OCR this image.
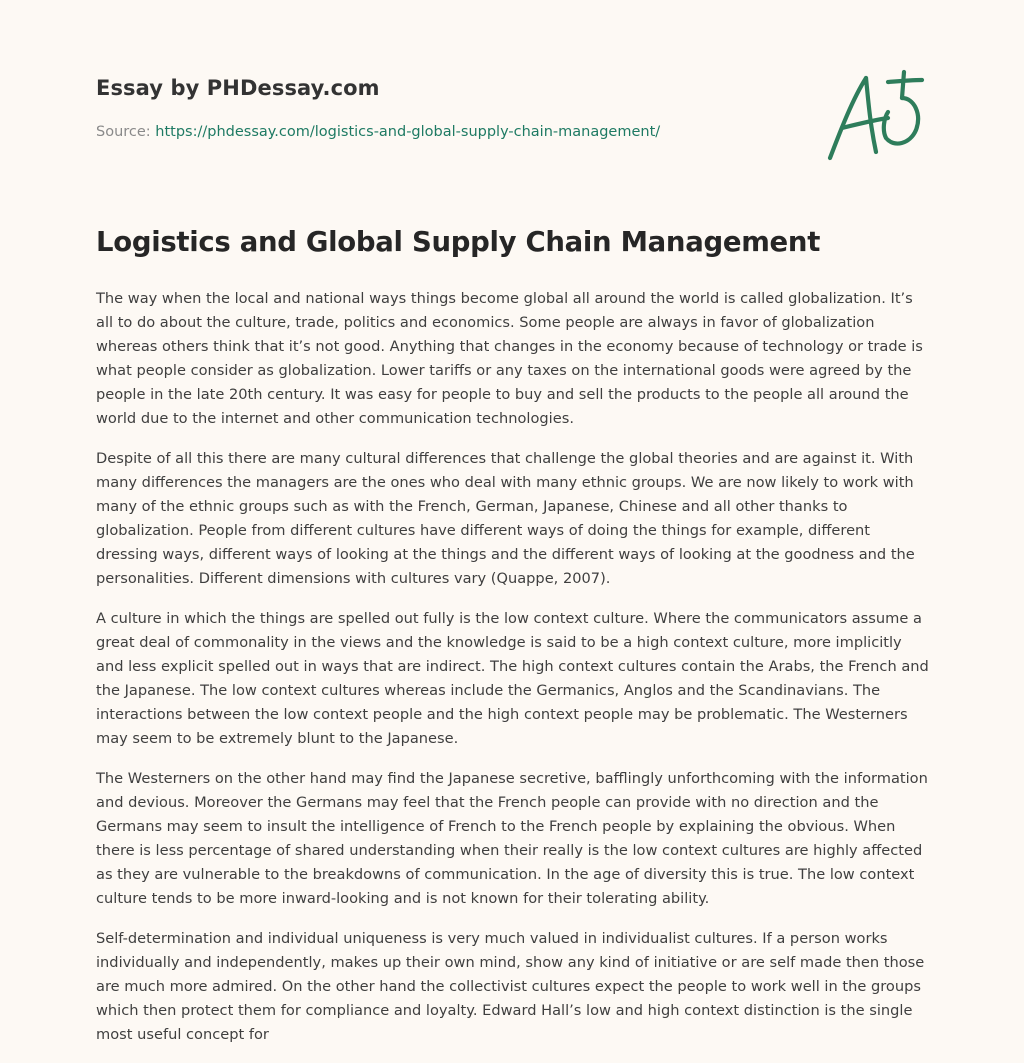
Essay by PHDessay.com
Source: https://phdessay.com/logistics-and-global-supply-chain-management/
Logistics and Global Supply Chain Management

The way when the local and national ways things become global all around the world is called globalization. It’s all to do about the culture, trade, politics and economics. Some people are always in favor of globalization whereas others think that it’s not good. Anything that changes in the economy because of technology or trade is what people consider as globalization. Lower tariffs or any taxes on the international goods were agreed by the people in the late 20th century. It was easy for people to buy and sell the products to the people all around the world due to the internet and other communication technologies.

Despite of all this there are many cultural differences that challenge the global theories and are against it. With many differences the managers are the ones who deal with many ethnic groups. We are now likely to work with many of the ethnic groups such as with the French, German, Japanese, Chinese and all other thanks to globalization. People from different cultures have different ways of doing the things for example, different dressing ways, different ways of looking at the things and the different ways of looking at the goodness and the personalities. Different dimensions with cultures vary (Quappe, 2007).

A culture in which the things are spelled out fully is the low context culture. Where the communicators assume a great deal of commonality in the views and the knowledge is said to be a high context culture, more implicitly and less explicit spelled out in ways that are indirect. The high context cultures contain the Arabs, the French and the Japanese. The low context cultures whereas include the Germanics, Anglos and the Scandinavians. The interactions between the low context people and the high context people may be problematic. The Westerners may seem to be extremely blunt to the Japanese.

The Westerners on the other hand may find the Japanese secretive, bafflingly unforthcoming with the information and devious. Moreover the Germans may feel that the French people can provide with no direction and the Germans may seem to insult the intelligence of French to the French people by explaining the obvious. When there is less percentage of shared understanding when their really is the low context cultures are highly affected as they are vulnerable to the breakdowns of communication. In the age of diversity this is true. The low context culture tends to be more inward-looking and is not known for their tolerating ability.

Self-determination and individual uniqueness is very much valued in individualist cultures. If a person works individually and independently, makes up their own mind, show any kind of initiative or are self made then those are much more admired. On the other hand the collectivist cultures expect the people to work well in the groups which then protect them for compliance and loyalty. Edward Hall’s low and high context distinction is the single most useful concept for
